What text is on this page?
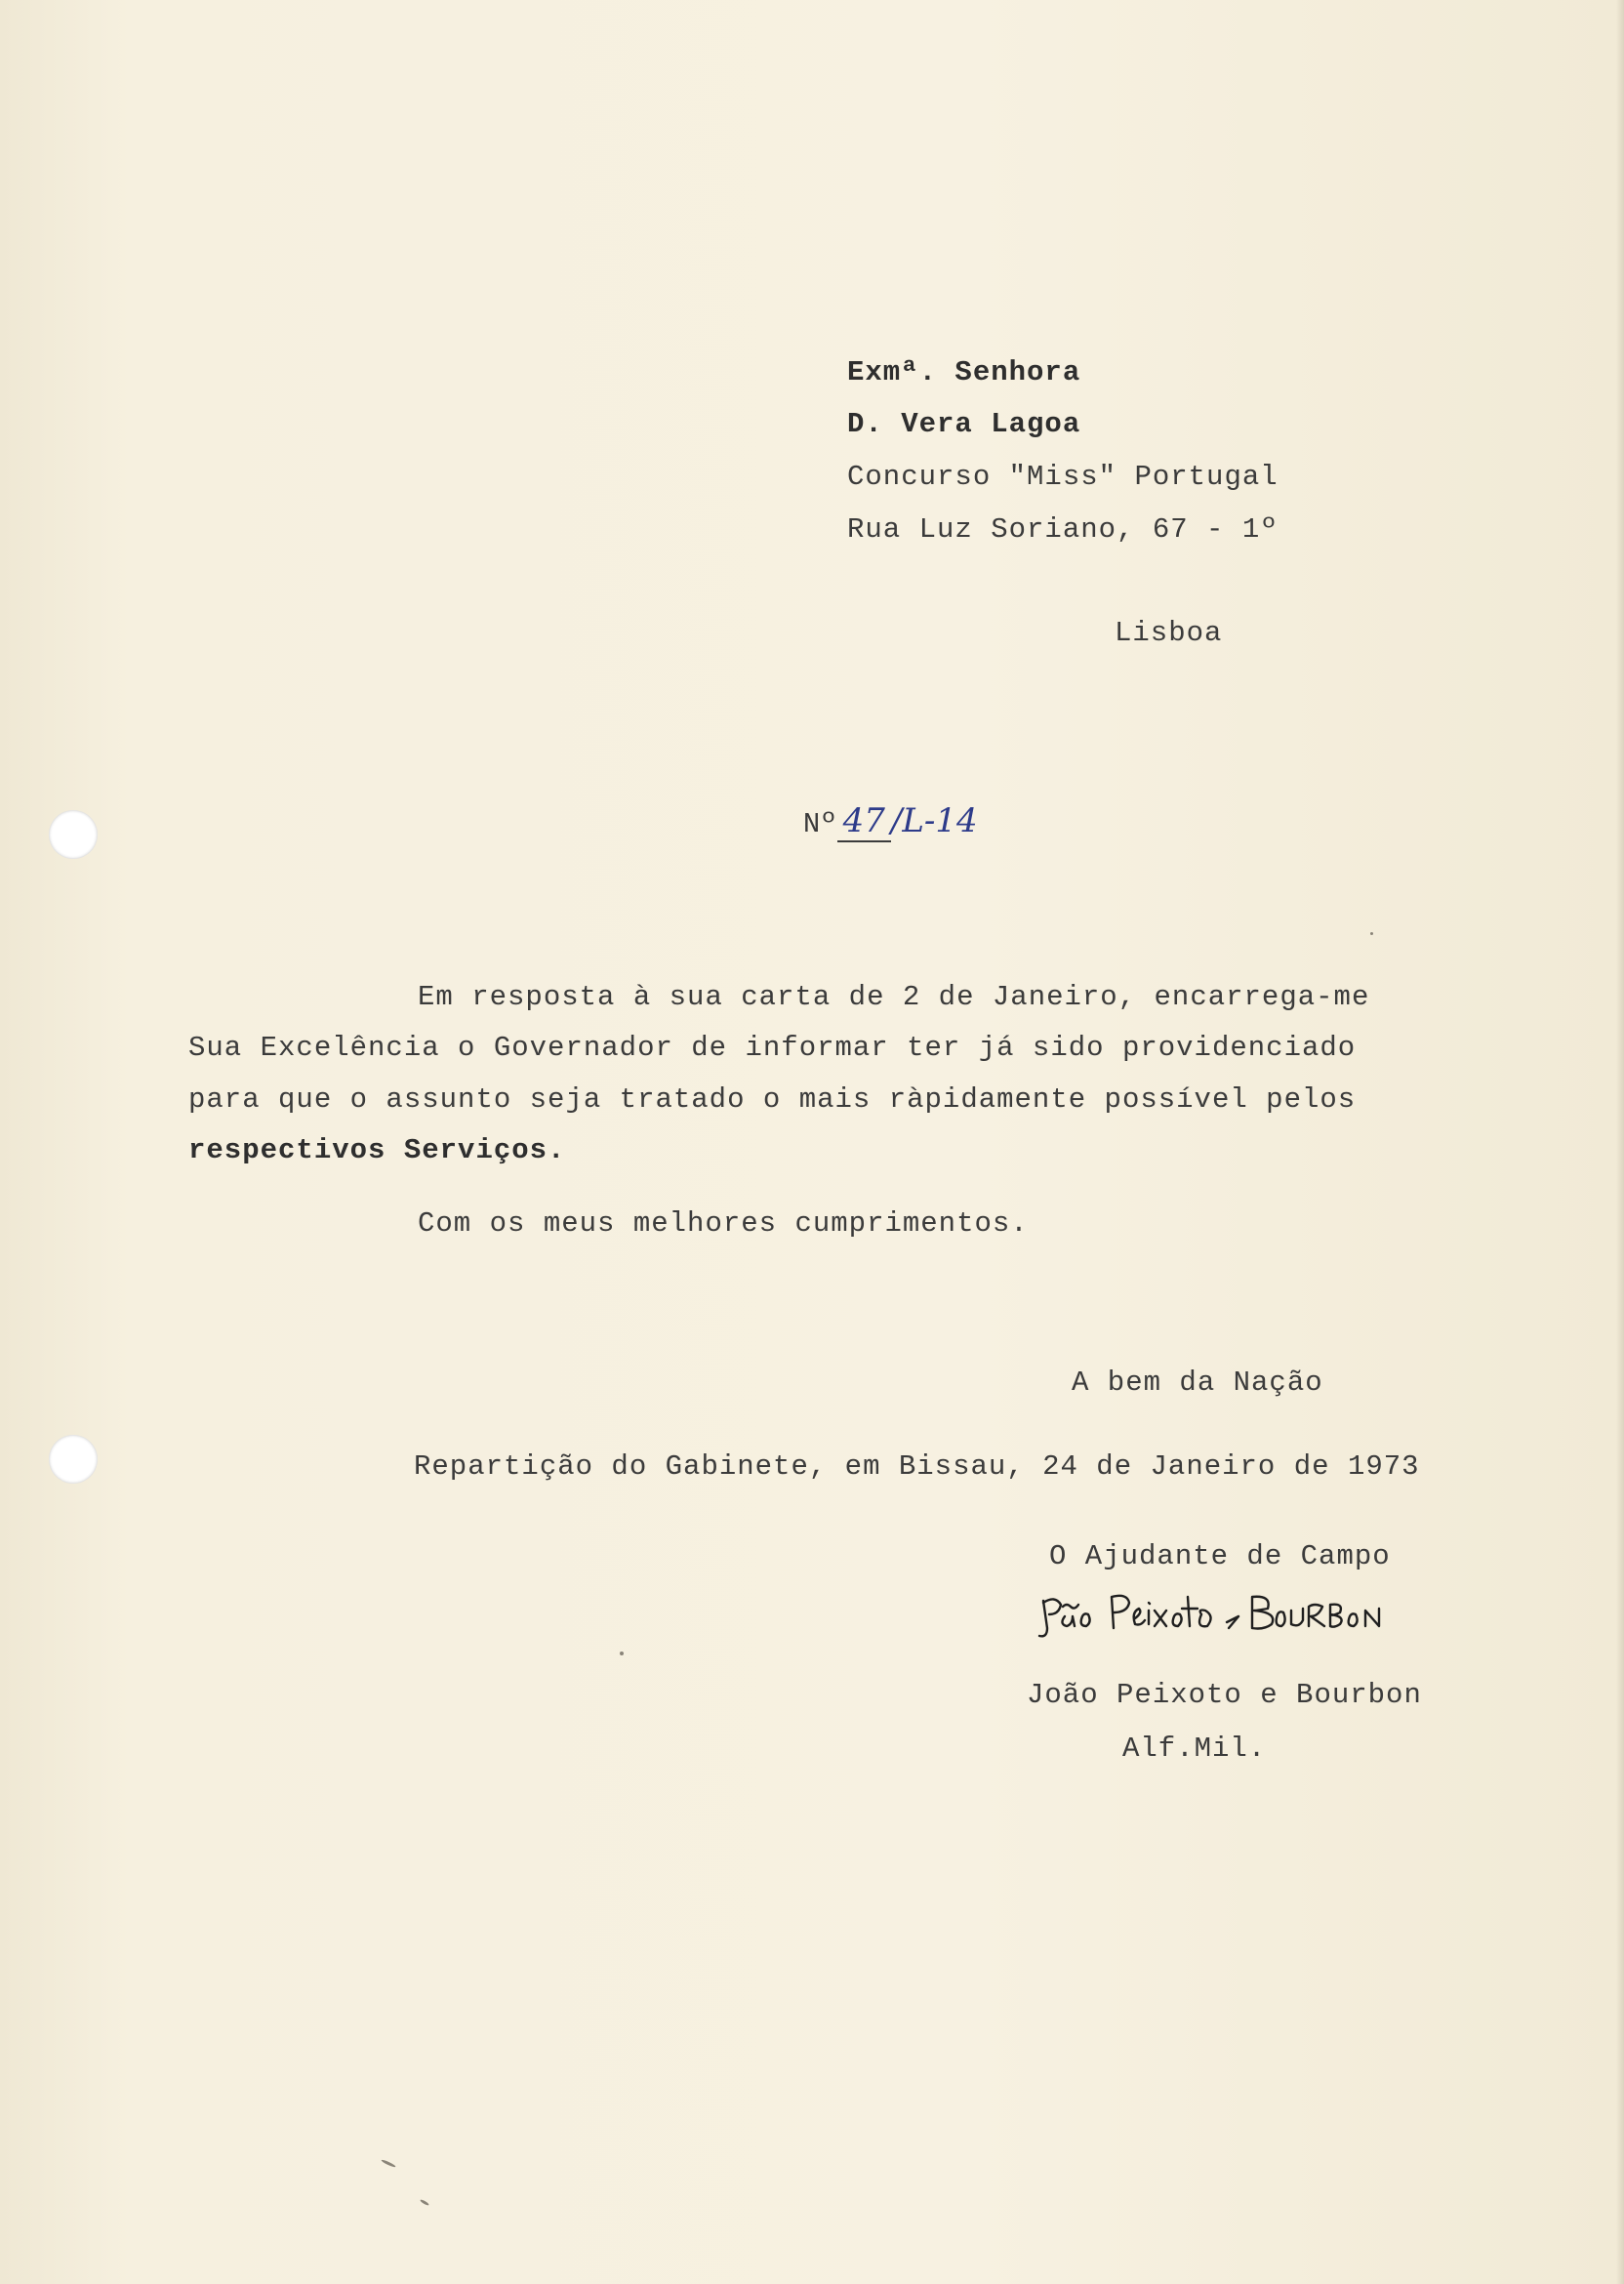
Exmª. Senhora
D. Vera Lagoa
Concurso "Miss" Portugal
Rua Luz Soriano, 67 - 1º
Lisboa

Nº 47 /L-14

Em resposta à sua carta de 2 de Janeiro, encarrega-me
Sua Excelência o Governador de informar ter já sido providenciado
para que o assunto seja tratado o mais ràpidamente possível pelos
respectivos Serviços.
Com os meus melhores cumprimentos.
A bem da Nação
Repartição do Gabinete, em Bissau, 24 de Janeiro de 1973
O Ajudante de Campo
João Peixoto e Bourbon
Alf.Mil.
